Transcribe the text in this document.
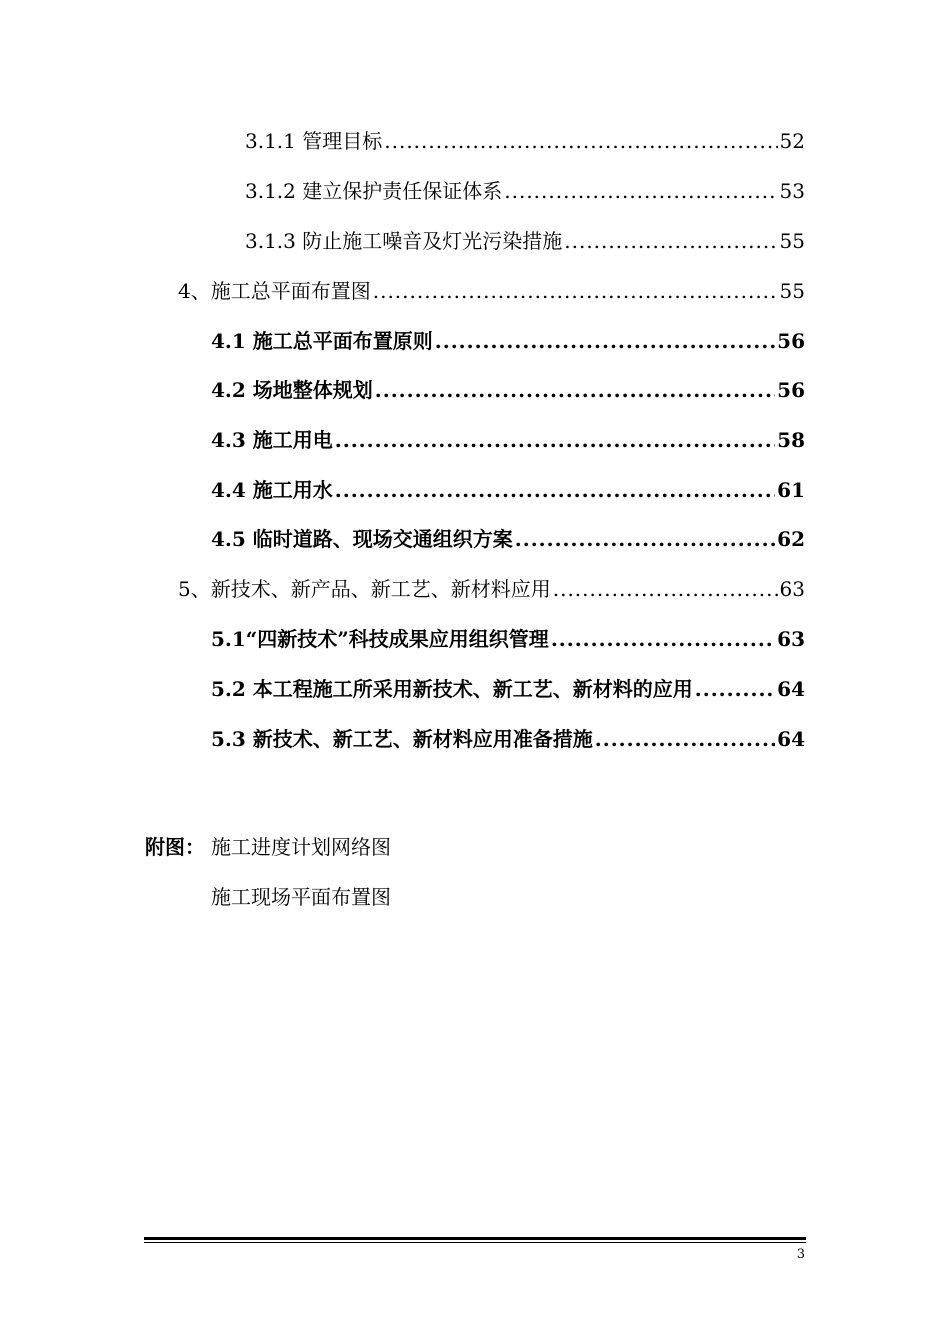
3.1.1 管理目标 .....	52
3.1.2 建立保护责任保证体系 .....	53
3.1.3 防止施工噪音及灯光污染措施 .....	55
4、施工总平面布置图 .....	55
4.1 施工总平面布置原则 .....	56
4.2 场地整体规划 .....	56
4.3 施工用电 .....	58
4.4 施工用水 .....	61
4.5 临时道路、现场交通组织方案 .....	62
5、新技术、新产品、新工艺、新材料应用 .....	63
5.1“四新技术”科技成果应用组织管理 .....	63
5.2 本工程施工所采用新技术、新工艺、新材料的应用 .....	64
5.3 新技术、新工艺、新材料应用准备措施 .....	64
附图： 施工进度计划网络图
施工现场平面布置图
3
